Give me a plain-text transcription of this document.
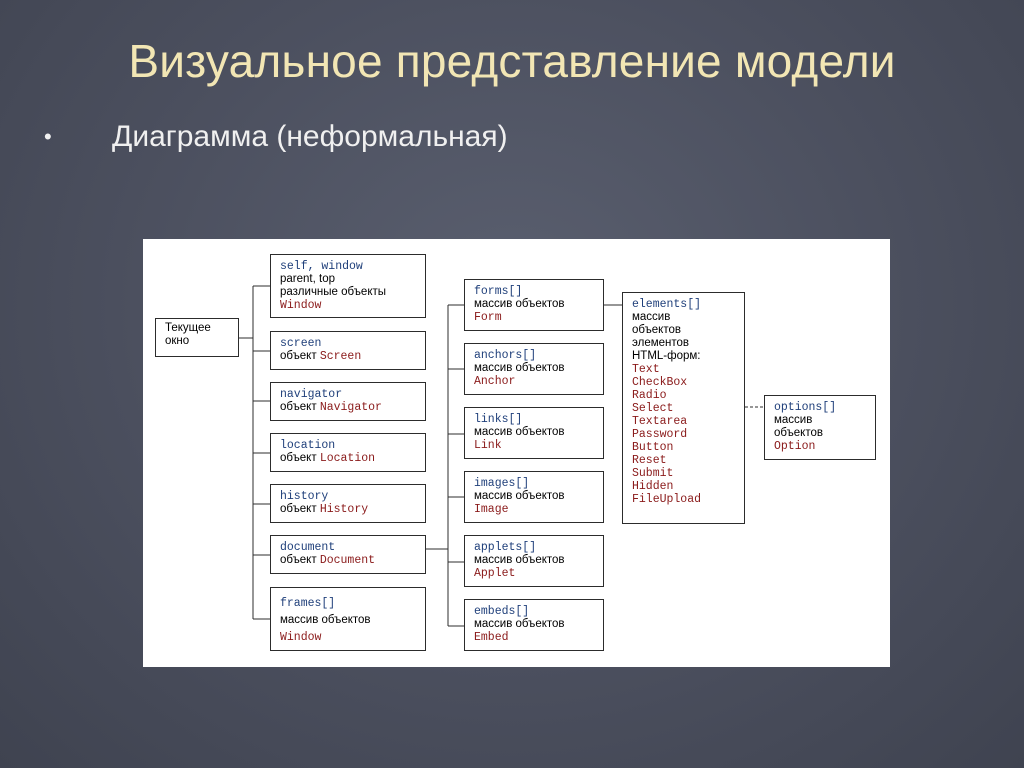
Визуальное представление модели
• Диаграмма (неформальная)
Текущее
окно
self, window
parent, top
различные объекты
Window
screen
объект Screen
navigator
объект Navigator
location
объект Location
history
объект History
document
объект Document
frames[]
массив объектов
Window
forms[]
массив объектов
Form
anchors[]
массив объектов
Anchor
links[]
массив объектов
Link
images[]
массив объектов
Image
applets[]
массив объектов
Applet
embeds[]
массив объектов
Embed
elements[]
массив
объектов
элементов
HTML-форм:
Text
CheckBox
Radio
Select
Textarea
Password
Button
Reset
Submit
Hidden
FileUpload
options[]
массив
объектов
Option
